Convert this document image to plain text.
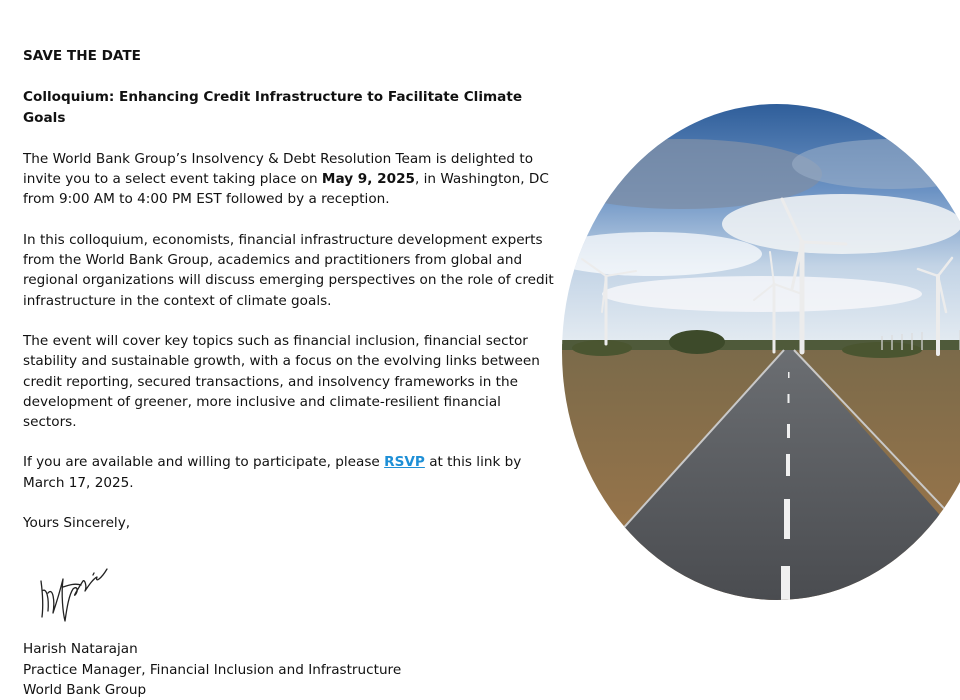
SAVE THE DATE

Colloquium: Enhancing Credit Infrastructure to Facilitate Climate Goals

The World Bank Group’s Insolvency & Debt Resolution Team is delighted to invite you to a select event taking place on May 9, 2025, in Washington, DC from 9:00 AM to 4:00 PM EST followed by a reception.

In this colloquium, economists, financial infrastructure development experts from the World Bank Group, academics and practitioners from global and regional organizations will discuss emerging perspectives on the role of credit infrastructure in the context of climate goals.

The event will cover key topics such as financial inclusion, financial sector stability and sustainable growth, with a focus on the evolving links between credit reporting, secured transactions, and insolvency frameworks in the development of greener, more inclusive and climate-resilient financial sectors.

If you are available and willing to participate, please RSVP at this link by March 17, 2025.

Yours Sincerely,

Harish Natarajan

Practice Manager, Financial Inclusion and Infrastructure

World Bank Group
